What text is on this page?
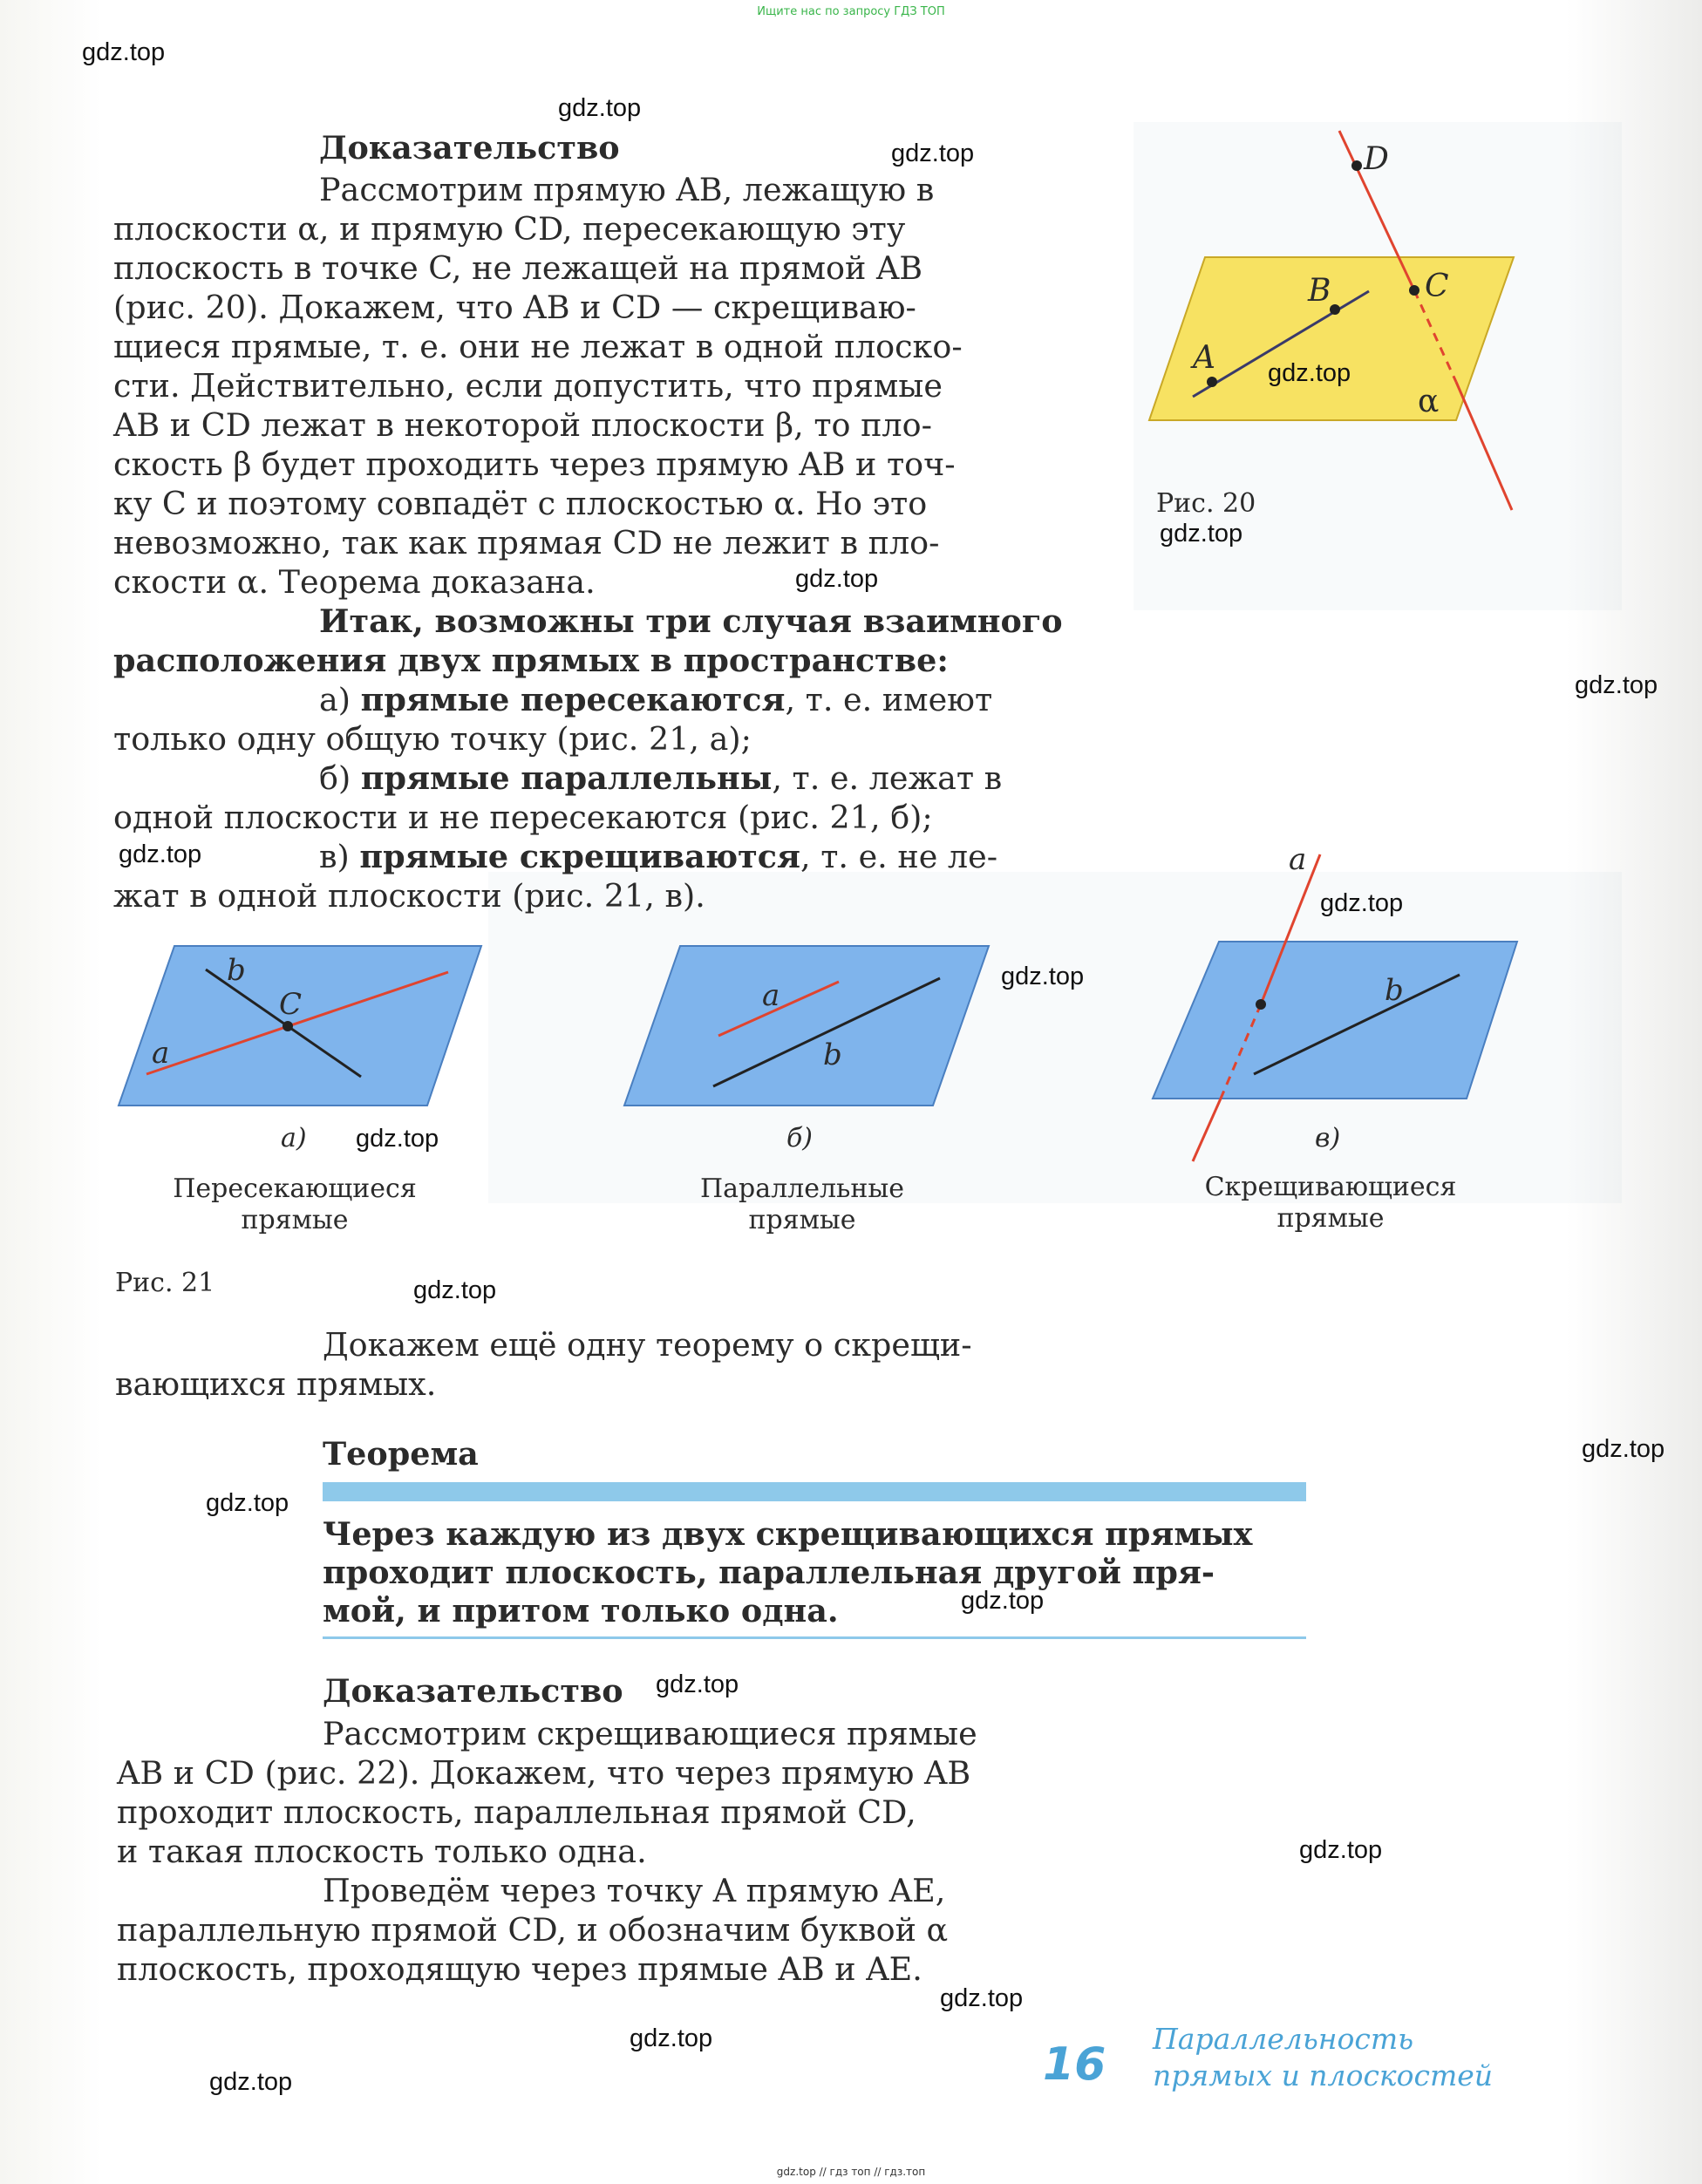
Ищите нас по запросу ГДЗ ТОП
Доказательство
Рассмотрим прямую AB, лежащую в
плоскости α, и прямую CD, пересекающую эту
плоскость в точке C, не лежащей на прямой AB
(рис. 20). Докажем, что AB и CD — скрещиваю-
щиеся прямые, т. е. они не лежат в одной плоско-
сти. Действительно, если допустить, что прямые
AB и CD лежат в некоторой плоскости β, то пло-
скость β будет проходить через прямую AB и точ-
ку C и поэтому совпадёт с плоскостью α. Но это
невозможно, так как прямая CD не лежит в пло-
скости α. Теорема доказана.
Итак, возможны три случая взаимного
расположения двух прямых в пространстве:
а) прямые пересекаются, т. е. имеют
только одну общую точку (рис. 21, а);
б) прямые параллельны, т. е. лежат в
одной плоскости и не пересекаются (рис. 21, б);
в) прямые скрещиваются, т. е. не ле-
жат в одной плоскости (рис. 21, в).
D
C
B
A
α
Рис. 20
b
C
a
a
b
a
b
а)	б)	в)
Пересекающиеся
прямые
Параллельные
прямые
Скрещивающиеся
прямые
Рис. 21
Докажем ещё одну теорему о скрещи-
вающихся прямых.
Теорема
Через каждую из двух скрещивающихся прямых
проходит плоскость, параллельная другой пря-
мой, и притом только одна.
Доказательство
Рассмотрим скрещивающиеся прямые
AB и CD (рис. 22). Докажем, что через прямую AB
проходит плоскость, параллельная прямой CD,
и такая плоскость только одна.
Проведём через точку A прямую AE,
параллельную прямой CD, и обозначим буквой α
плоскость, проходящую через прямые AB и AE.
16 Параллельность
прямых и плоскостей
gdz.top
gdz.top
gdz.top
gdz.top
gdz.top
gdz.top
gdz.top
gdz.top
gdz.top
gdz.top
gdz.top
gdz.top
gdz.top
gdz.top
gdz.top
gdz.top
gdz.top
gdz.top
gdz.top
gdz.top
gdz.top // гдз топ // гдз.топ
